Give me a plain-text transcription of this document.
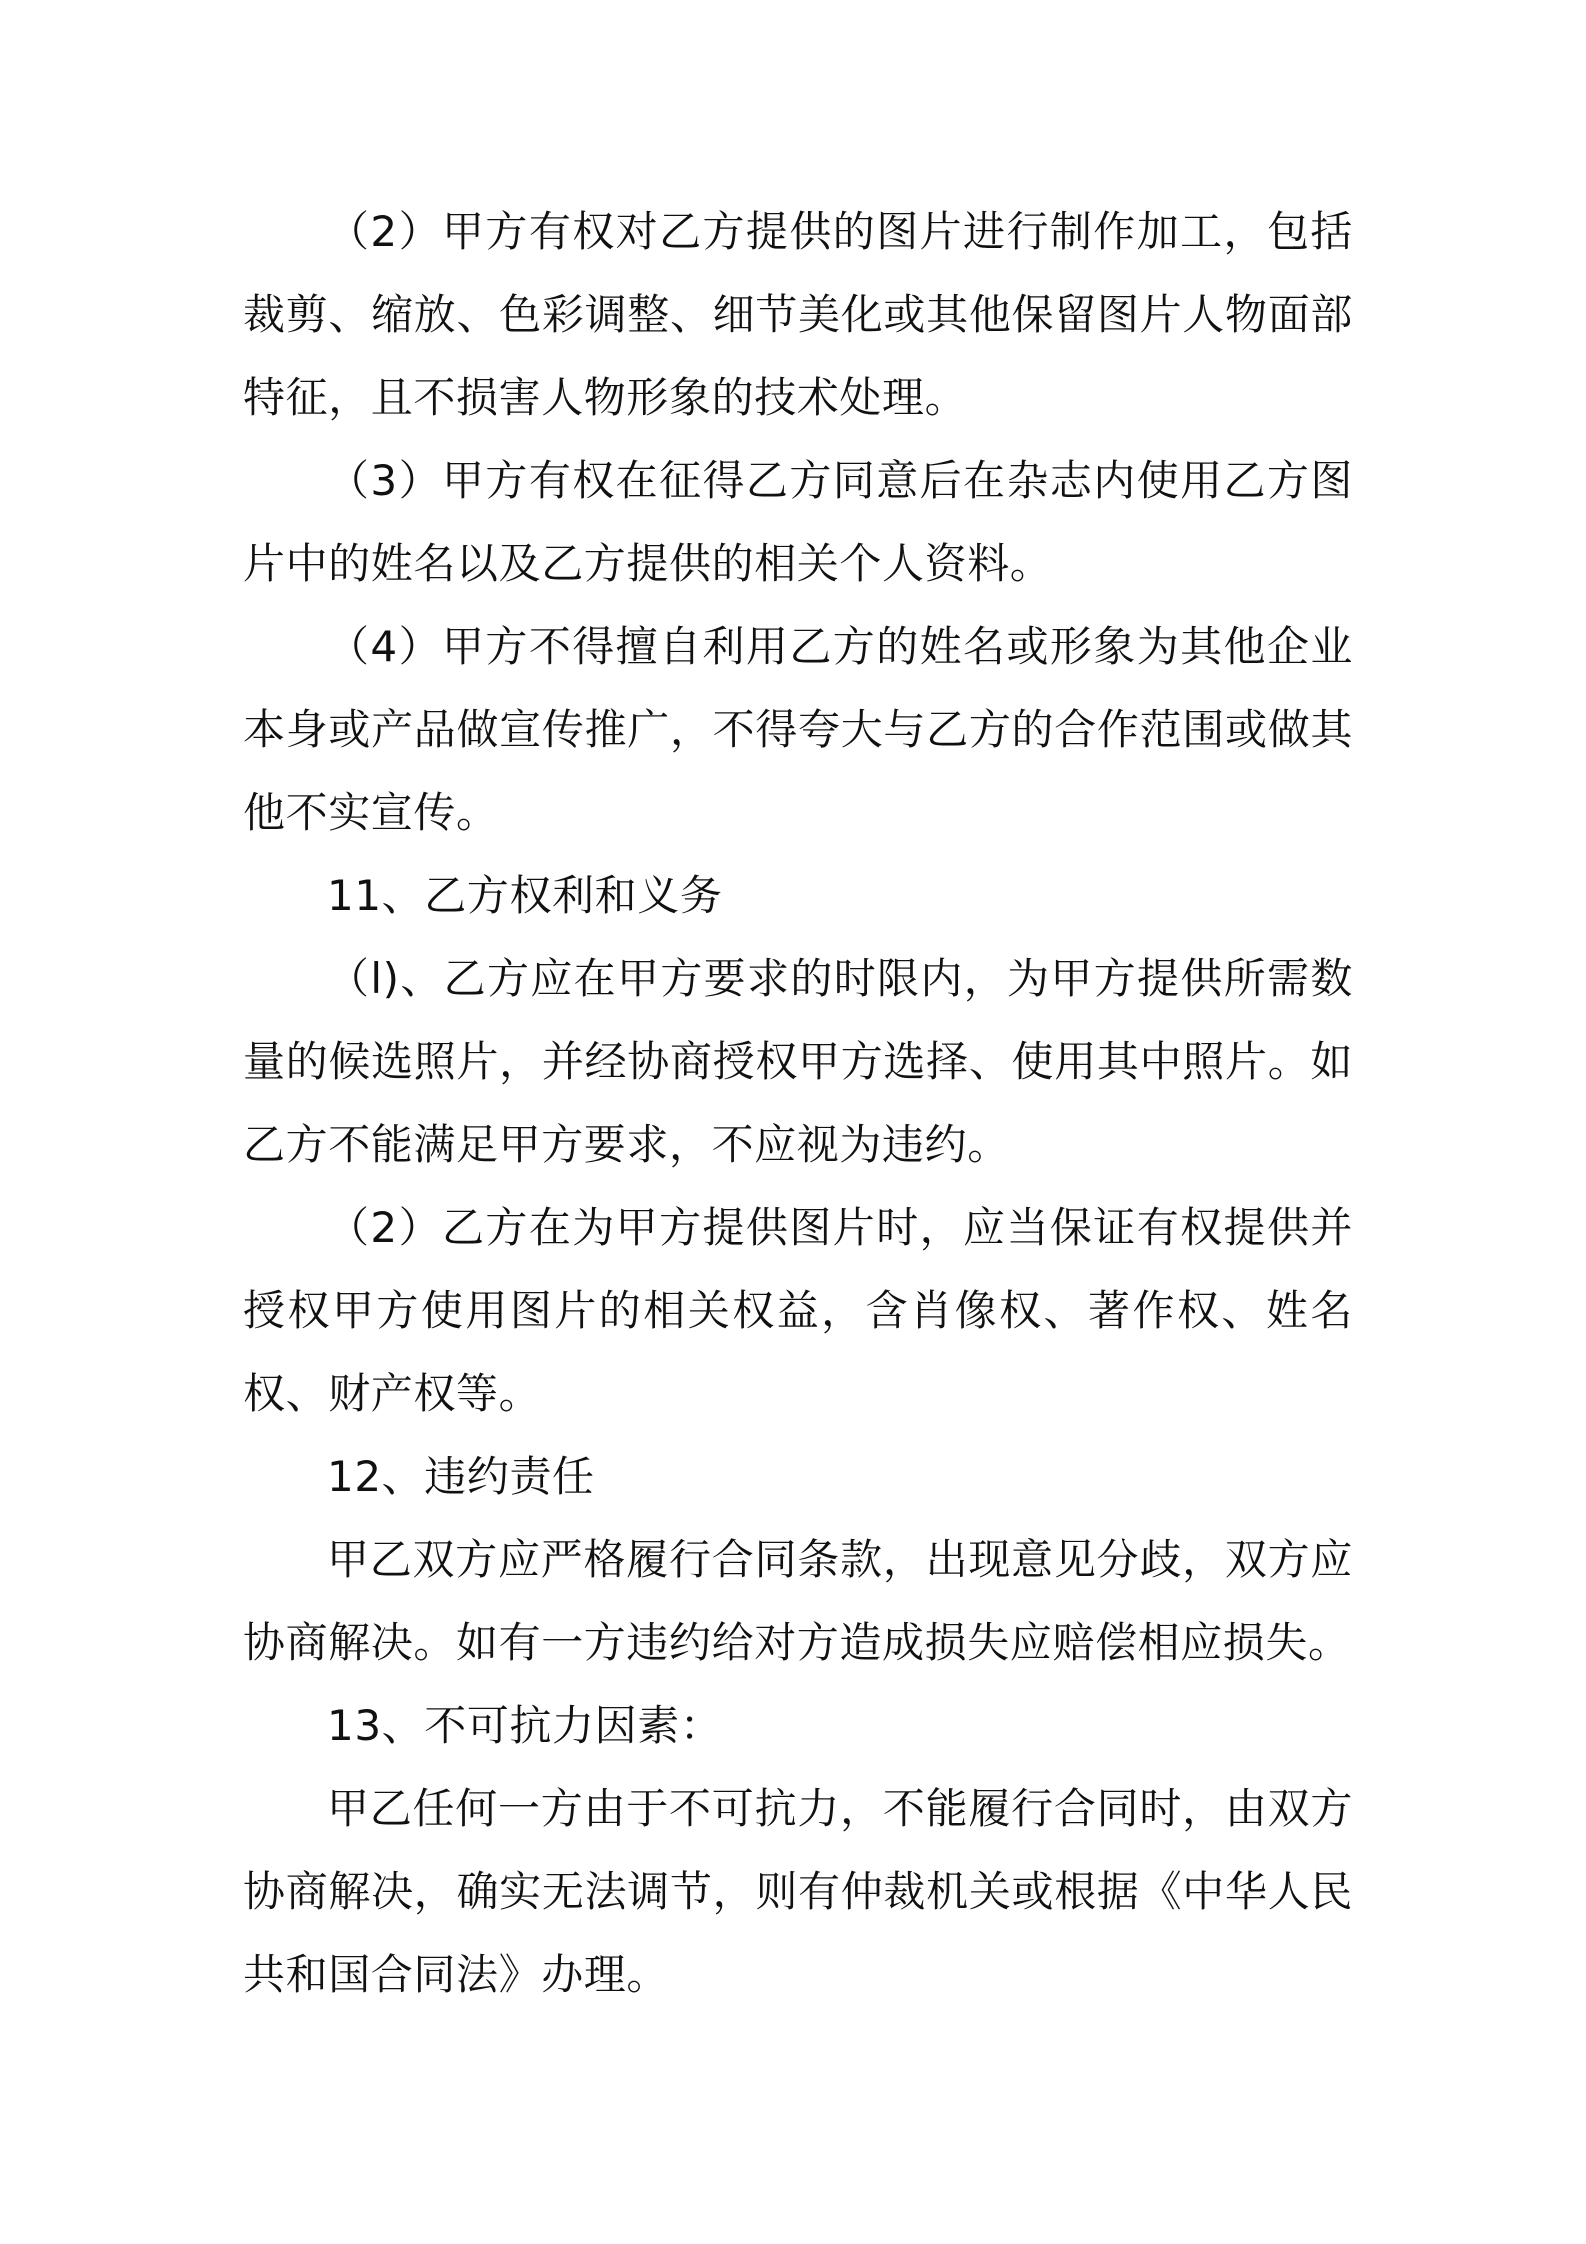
（2）甲方有权对乙方提供的图片进行制作加工，包括裁剪、缩放、色彩调整、细节美化或其他保留图片人物面部特征，且不损害人物形象的技术处理。

（3）甲方有权在征得乙方同意后在杂志内使用乙方图片中的姓名以及乙方提供的相关个人资料。

（4）甲方不得擅自利用乙方的姓名或形象为其他企业本身或产品做宣传推广，不得夸大与乙方的合作范围或做其他不实宣传。

11、乙方权利和义务

（l)、乙方应在甲方要求的时限内，为甲方提供所需数量的候选照片，并经协商授权甲方选择、使用其中照片。如乙方不能满足甲方要求，不应视为违约。

（2）乙方在为甲方提供图片时，应当保证有权提供并授权甲方使用图片的相关权益，含肖像权、著作权、姓名权、财产权等。

12、违约责任

甲乙双方应严格履行合同条款，出现意见分歧，双方应协商解决。如有一方违约给对方造成损失应赔偿相应损失。

13、不可抗力因素：

甲乙任何一方由于不可抗力，不能履行合同时，由双方协商解决，确实无法调节，则有仲裁机关或根据《中华人民共和国合同法》办理。
